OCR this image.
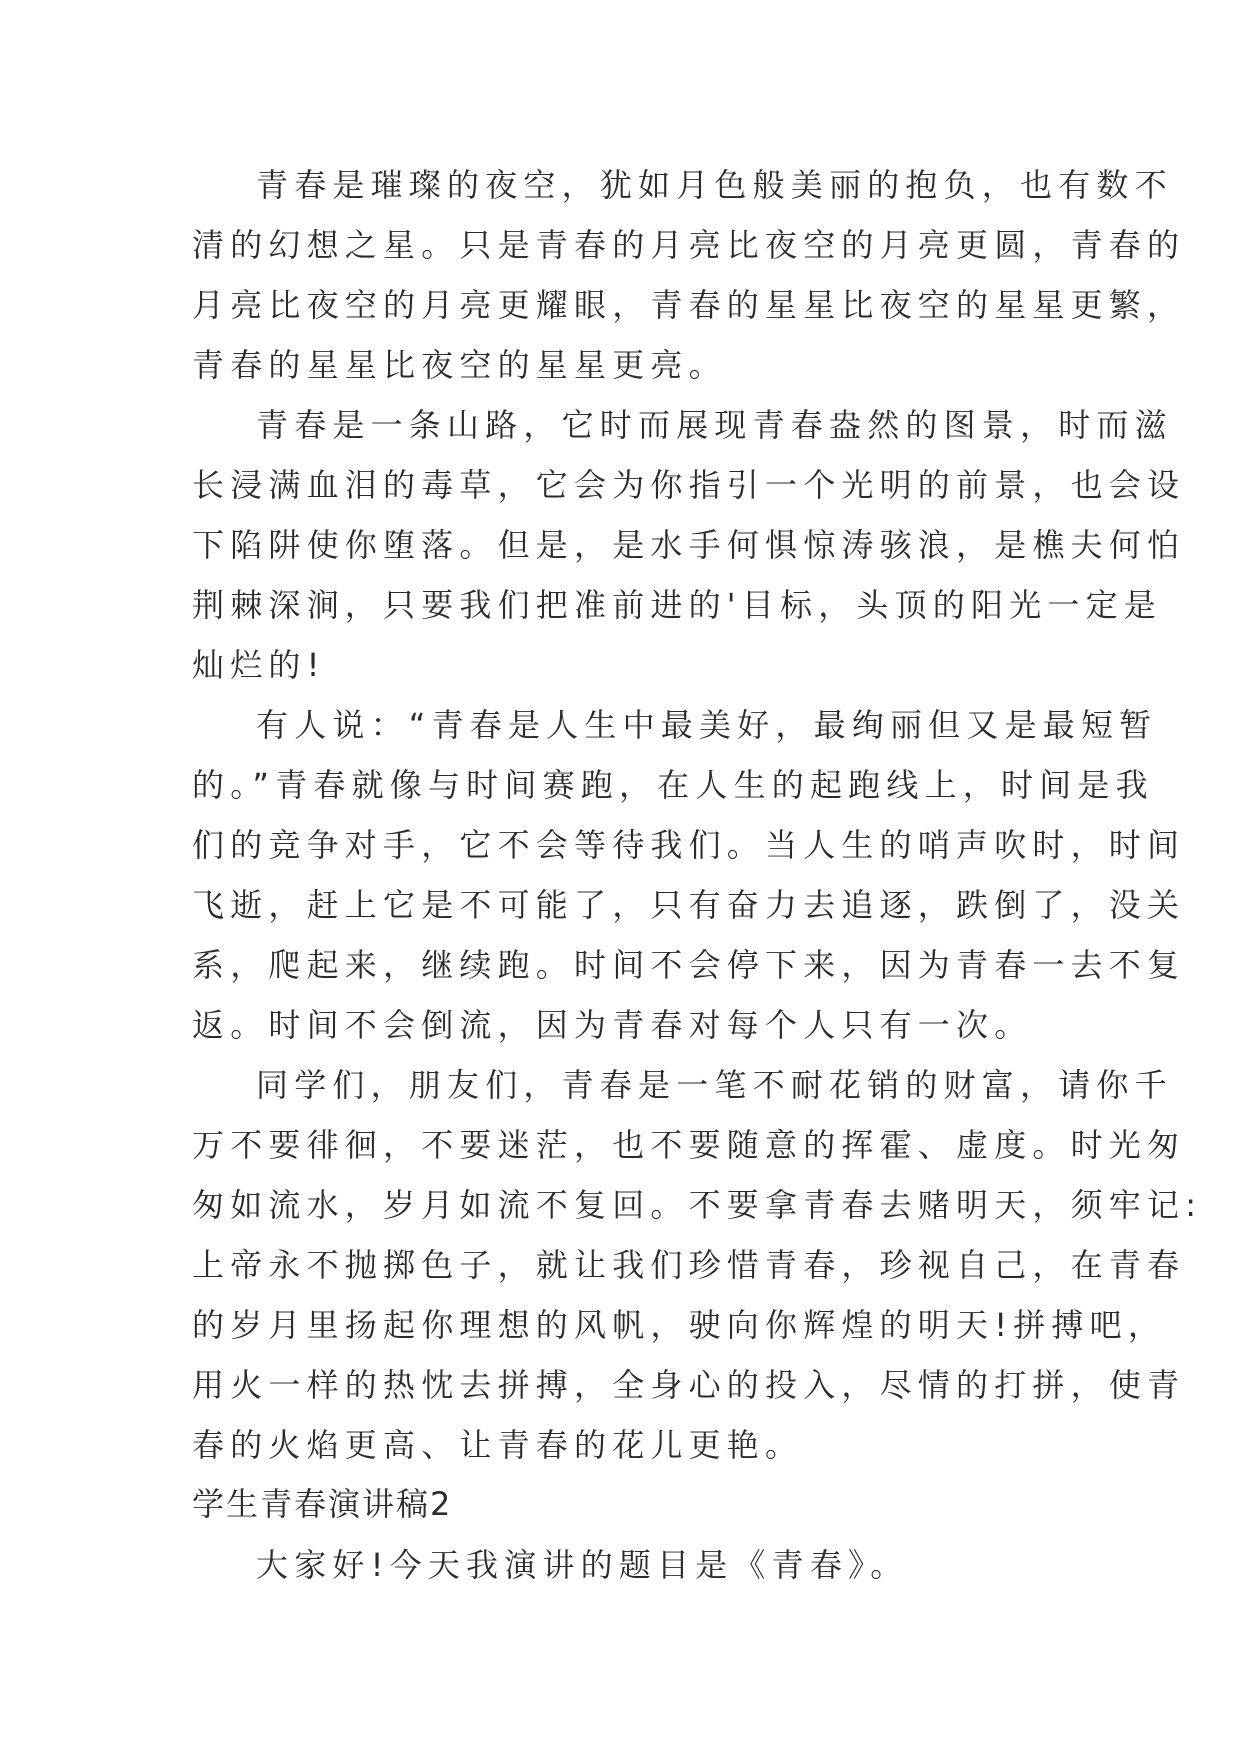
青春是璀璨的夜空，犹如月色般美丽的抱负，也有数不
清的幻想之星。只是青春的月亮比夜空的月亮更圆，青春的
月亮比夜空的月亮更耀眼，青春的星星比夜空的星星更繁，
青春的星星比夜空的星星更亮。
青春是一条山路，它时而展现青春盎然的图景，时而滋
长浸满血泪的毒草，它会为你指引一个光明的前景，也会设
下陷阱使你堕落。但是，是水手何惧惊涛骇浪，是樵夫何怕
荆棘深涧，只要我们把准前进的'目标，头顶的阳光一定是
灿烂的!
有人说：“青春是人生中最美好，最绚丽但又是最短暂
的。”青春就像与时间赛跑，在人生的起跑线上，时间是我
们的竞争对手，它不会等待我们。当人生的哨声吹时，时间
飞逝，赶上它是不可能了，只有奋力去追逐，跌倒了，没关
系，爬起来，继续跑。时间不会停下来，因为青春一去不复
返。时间不会倒流，因为青春对每个人只有一次。
同学们，朋友们，青春是一笔不耐花销的财富，请你千
万不要徘徊，不要迷茫，也不要随意的挥霍、虚度。时光匆
匆如流水，岁月如流不复回。不要拿青春去赌明天，须牢记:
上帝永不抛掷色子，就让我们珍惜青春，珍视自己，在青春
的岁月里扬起你理想的风帆，驶向你辉煌的明天!拼搏吧，
用火一样的热忱去拼搏，全身心的投入，尽情的打拼，使青
春的火焰更高、让青春的花儿更艳。
学生青春演讲稿2
大家好!今天我演讲的题目是《青春》。
